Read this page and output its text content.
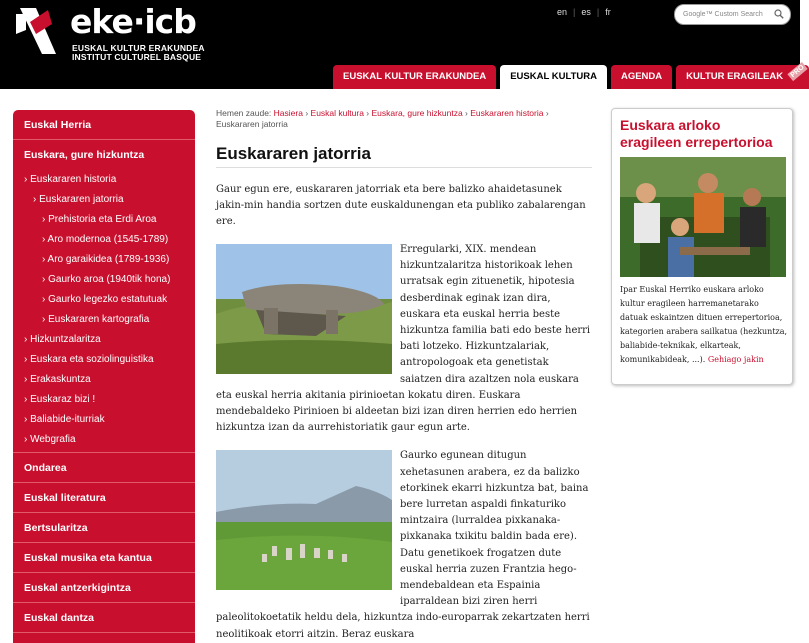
eke·icb
EUSKAL KULTUR ERAKUNDEA
INSTITUT CULTUREL BASQUE
en | es | fr	Google™ Custom Search
EUSKAL KULTUR ERAKUNDEA	EUSKAL KULTURA	AGENDA	KULTUR ERAGILEAK PRO
Euskal Herria
Euskara, gure hizkuntza
› Euskararen historia
› Euskararen jatorria
› Prehistoria eta Erdi Aroa
› Aro modernoa (1545-1789)
› Aro garaikidea (1789-1936)
› Gaurko aroa (1940tik hona)
› Gaurko legezko estatutuak
› Euskararen kartografia
› Hizkuntzalaritza
› Euskara eta soziolinguistika
› Erakaskuntza
› Euskaraz bizi !
› Baliabide-iturriak
› Webgrafia
Ondarea
Euskal literatura
Bertsularitza
Euskal musika eta kantua
Euskal antzerkigintza
Euskal dantza
Hemen zaude: Hasiera › Euskal kultura › Euskara, gure hizkuntza › Euskararen historia › Euskararen jatorria
Euskararen jatorria

Gaur egun ere, euskararen jatorriak eta bere balizko ahaidetasunek jakin-min handia sortzen dute euskaldunengan eta publiko zabalarengan ere.

Erregularki, XIX. mendean hizkuntzalaritza historikoak lehen urratsak egin zituenetik, hipotesia desberdinak eginak izan dira, euskara eta euskal herria beste hizkuntza familia bati edo beste herri bati lotzeko. Hizkuntzalariak, antropologoak eta genetistak saiatzen dira azaltzen nola euskara eta euskal herria akitania pirinioetan kokatu diren. Euskara mendebaldeko Pirinioen bi aldeetan bizi izan diren herrien edo herrien hizkuntza izan da aurrehistoriatik gaur egun arte.
Gaurko egunean ditugun xehetasunen arabera, ez da balizko etorkinek ekarri hizkuntza bat, baina bere lurretan aspaldi finkaturiko mintzaira (lurraldea pixkanaka-pixkanaka txikitu baldin bada ere). Datu genetikoek frogatzen dute euskal herria zuzen Frantzia hego-mendebaldean eta Espainia iparraldean bizi ziren herri paleolitokoetatik heldu dela, hizkuntza indo-europarrak zekartzaten herri neolitikoak etorri aitzin. Beraz euskara
Euskara arloko eragileen errepertorioa
Ipar Euskal Herriko euskara arloko kultur eragileen harremanetarako datuak eskaintzen dituen errepertorioa, kategorien arabera sailkatua (hezkuntza, baliabide-teknikak, elkarteak, komunikabideak, ...). Gehiago jakin
